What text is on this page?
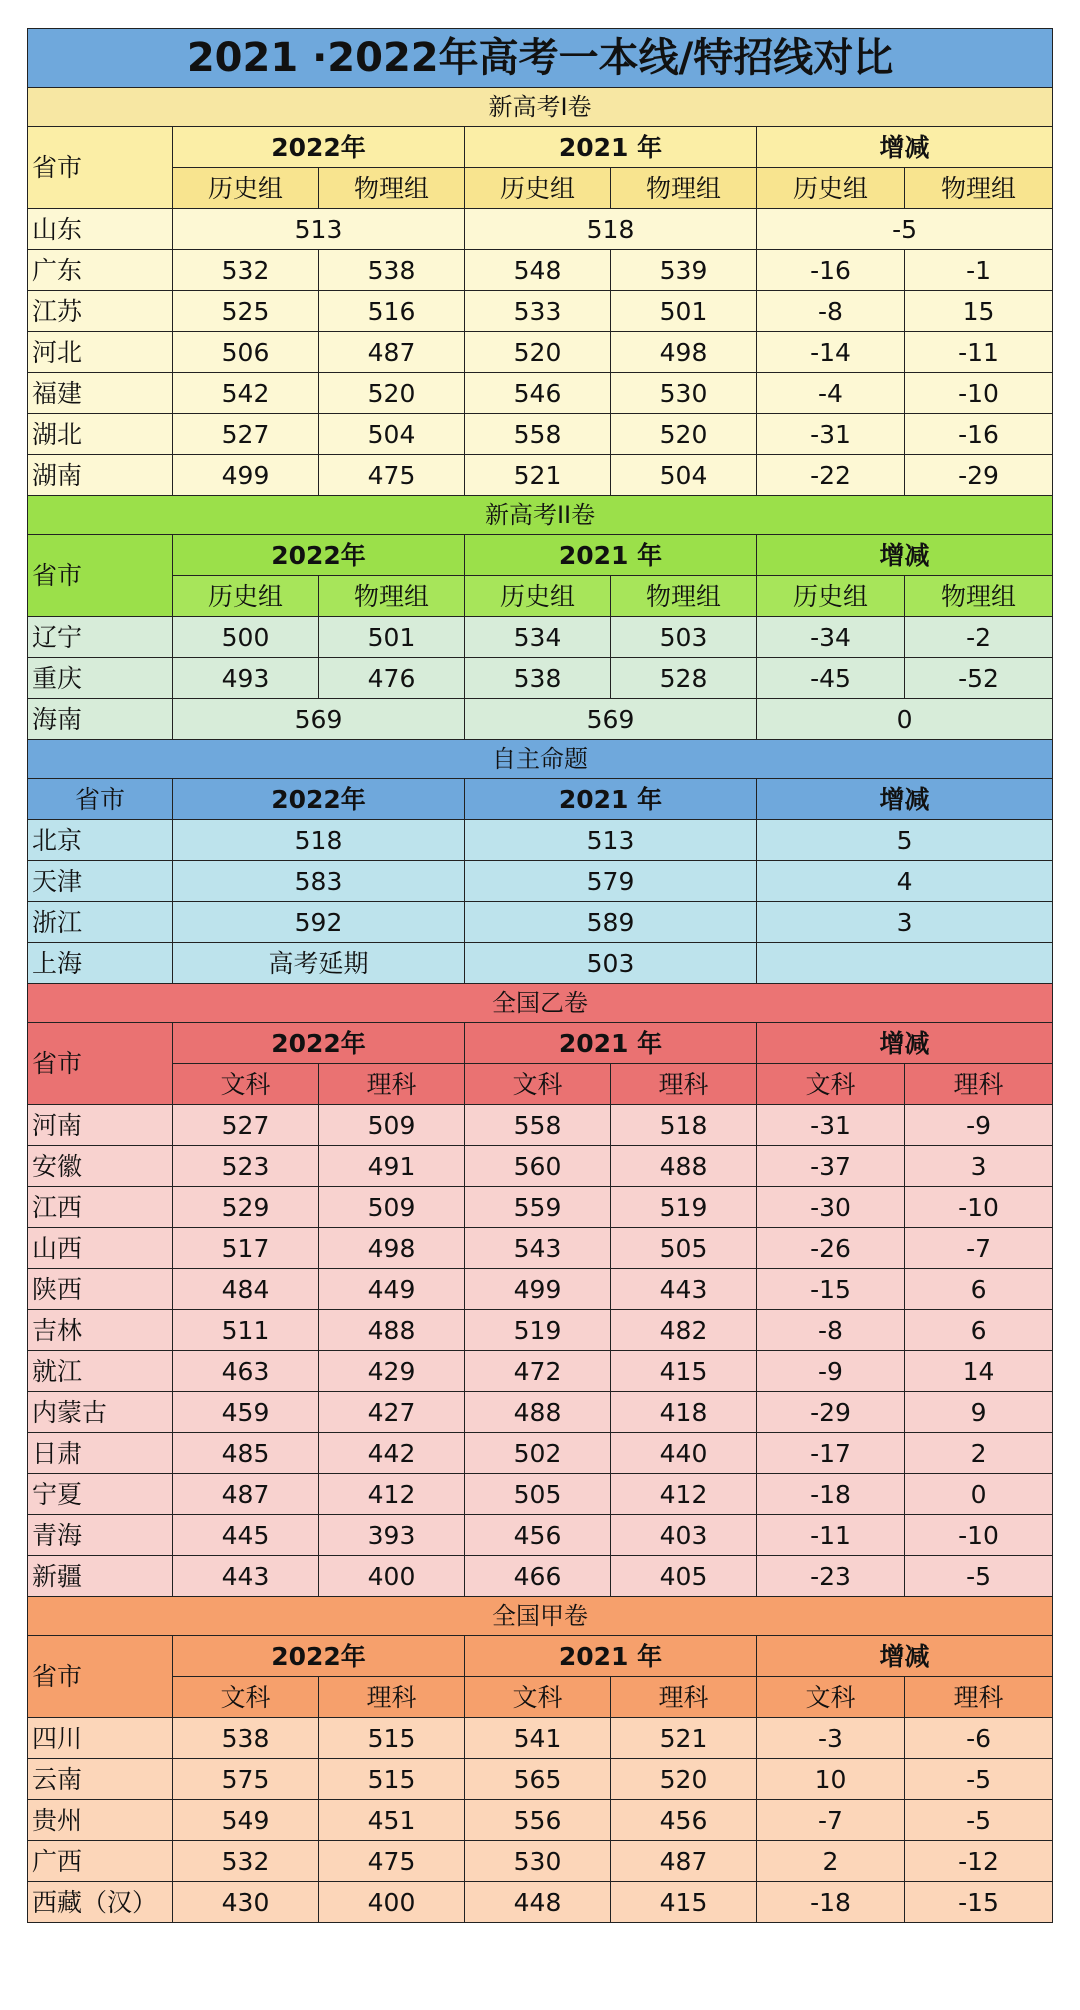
2021 ·2022年高考一本线/特招线对比						
新高考I卷						
省市	2022年		2021 年		增减	
	历史组	物理组	历史组	物理组	历史组	物理组
山东	513		518		-5	
广东	532	538	548	539	-16	-1
江苏	525	516	533	501	-8	15
河北	506	487	520	498	-14	-11
福建	542	520	546	530	-4	-10
湖北	527	504	558	520	-31	-16
湖南	499	475	521	504	-22	-29
新高考II卷						
省市	2022年		2021 年		增减	
	历史组	物理组	历史组	物理组	历史组	物理组
辽宁	500	501	534	503	-34	-2
重庆	493	476	538	528	-45	-52
海南	569		569		0	
自主命题						
省市	2022年		2021 年		增减	
北京	518		513		5	
天津	583		579		4	
浙江	592		589		3	
上海	高考延期		503			
全国乙卷						
省市	2022年		2021 年		增减	
	文科	理科	文科	理科	文科	理科
河南	527	509	558	518	-31	-9
安徽	523	491	560	488	-37	3
江西	529	509	559	519	-30	-10
山西	517	498	543	505	-26	-7
陕西	484	449	499	443	-15	6
吉林	511	488	519	482	-8	6
就江	463	429	472	415	-9	14
内蒙古	459	427	488	418	-29	9
日肃	485	442	502	440	-17	2
宁夏	487	412	505	412	-18	0
青海	445	393	456	403	-11	-10
新疆	443	400	466	405	-23	-5
全国甲卷						
省市	2022年		2021 年		增减	
	文科	理科	文科	理科	文科	理科
四川	538	515	541	521	-3	-6
云南	575	515	565	520	10	-5
贵州	549	451	556	456	-7	-5
广西	532	475	530	487	2	-12
西藏（汉）	430	400	448	415	-18	-15
